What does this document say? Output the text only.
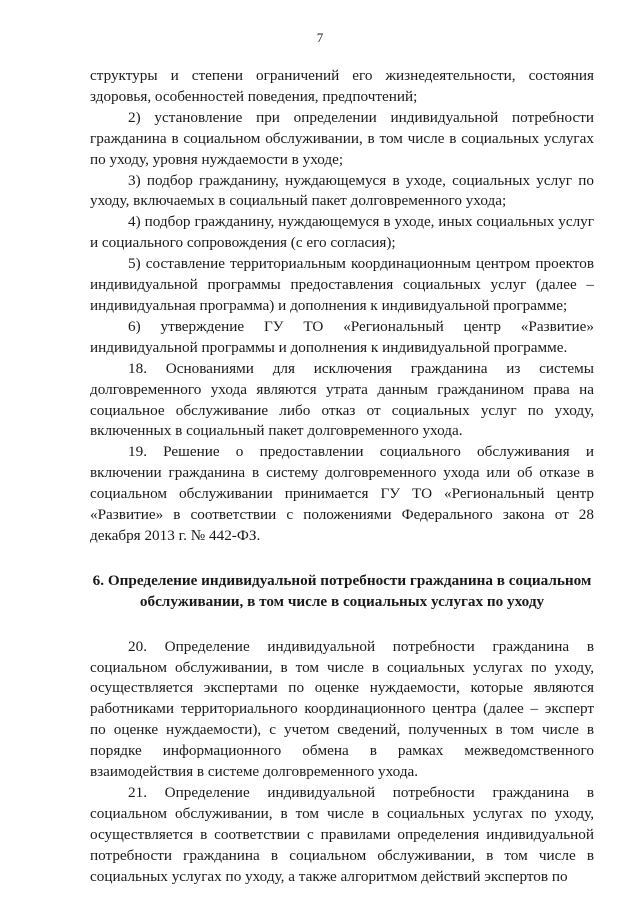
7

структуры и степени ограничений его жизнедеятельности, состояния здоровья, особенностей поведения, предпочтений;

2) установление при определении индивидуальной потребности гражданина в социальном обслуживании, в том числе в социальных услугах по уходу, уровня нуждаемости в уходе;

3) подбор гражданину, нуждающемуся в уходе, социальных услуг по уходу, включаемых в социальный пакет долговременного ухода;

4) подбор гражданину, нуждающемуся в уходе, иных социальных услуг и социального сопровождения (с его согласия);

5) составление территориальным координационным центром проектов индивидуальной программы предоставления социальных услуг (далее – индивидуальная программа) и дополнения к индивидуальной программе;

6) утверждение ГУ ТО «Региональный центр «Развитие» индивидуальной программы и дополнения к индивидуальной программе.

18. Основаниями для исключения гражданина из системы долговременного ухода являются утрата данным гражданином права на социальное обслуживание либо отказ от социальных услуг по уходу, включенных в социальный пакет долговременного ухода.

19. Решение о предоставлении социального обслуживания и включении гражданина в систему долговременного ухода или об отказе в социальном обслуживании принимается ГУ ТО «Региональный центр «Развитие» в соответствии с положениями Федерального закона от 28 декабря 2013 г. № 442-ФЗ.

6. Определение индивидуальной потребности гражданина в социальном обслуживании, в том числе в социальных услугах по уходу

20. Определение индивидуальной потребности гражданина в социальном обслуживании, в том числе в социальных услугах по уходу, осуществляется экспертами по оценке нуждаемости, которые являются работниками территориального координационного центра (далее – эксперт по оценке нуждаемости), с учетом сведений, полученных в том числе в порядке информационного обмена в рамках межведомственного взаимодействия в системе долговременного ухода.

21. Определение индивидуальной потребности гражданина в социальном обслуживании, в том числе в социальных услугах по уходу, осуществляется в соответствии с правилами определения индивидуальной потребности гражданина в социальном обслуживании, в том числе в социальных услугах по уходу, а также алгоритмом действий экспертов по
